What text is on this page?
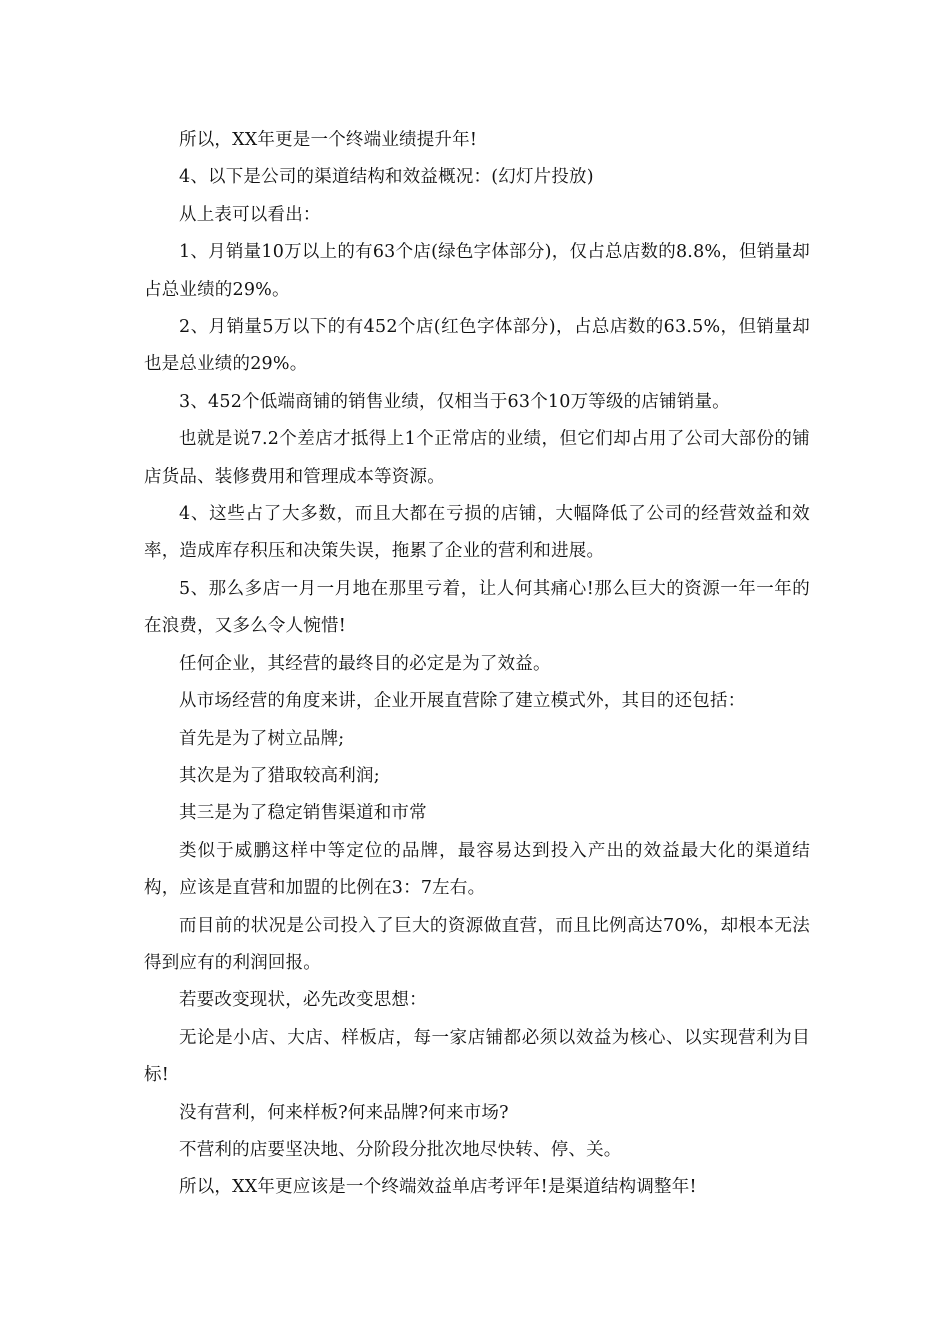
所以，XX年更是一个终端业绩提升年!

4、以下是公司的渠道结构和效益概况：(幻灯片投放)

从上表可以看出：

1、月销量10万以上的有63个店(绿色字体部分)，仅占总店数的8.8%，但销量却占总业绩的29%。

2、月销量5万以下的有452个店(红色字体部分)，占总店数的63.5%，但销量却也是总业绩的29%。

3、452个低端商铺的销售业绩，仅相当于63个10万等级的店铺销量。

也就是说7.2个差店才抵得上1个正常店的业绩，但它们却占用了公司大部份的铺店货品、装修费用和管理成本等资源。

4、这些占了大多数，而且大都在亏损的店铺，大幅降低了公司的经营效益和效率，造成库存积压和决策失误，拖累了企业的营利和进展。

5、那么多店一月一月地在那里亏着，让人何其痛心!那么巨大的资源一年一年的在浪费，又多么令人惋惜!

任何企业，其经营的最终目的必定是为了效益。

从市场经营的角度来讲，企业开展直营除了建立模式外，其目的还包括：

首先是为了树立品牌;

其次是为了猎取较高利润;

其三是为了稳定销售渠道和市常

类似于威鹏这样中等定位的品牌，最容易达到投入产出的效益最大化的渠道结构，应该是直营和加盟的比例在3：7左右。

而目前的状况是公司投入了巨大的资源做直营，而且比例高达70%，却根本无法得到应有的利润回报。

若要改变现状，必先改变思想：

无论是小店、大店、样板店，每一家店铺都必须以效益为核心、以实现营利为目标!

没有营利，何来样板?何来品牌?何来市场?

不营利的店要坚决地、分阶段分批次地尽快转、停、关。

所以，XX年更应该是一个终端效益单店考评年!是渠道结构调整年!
